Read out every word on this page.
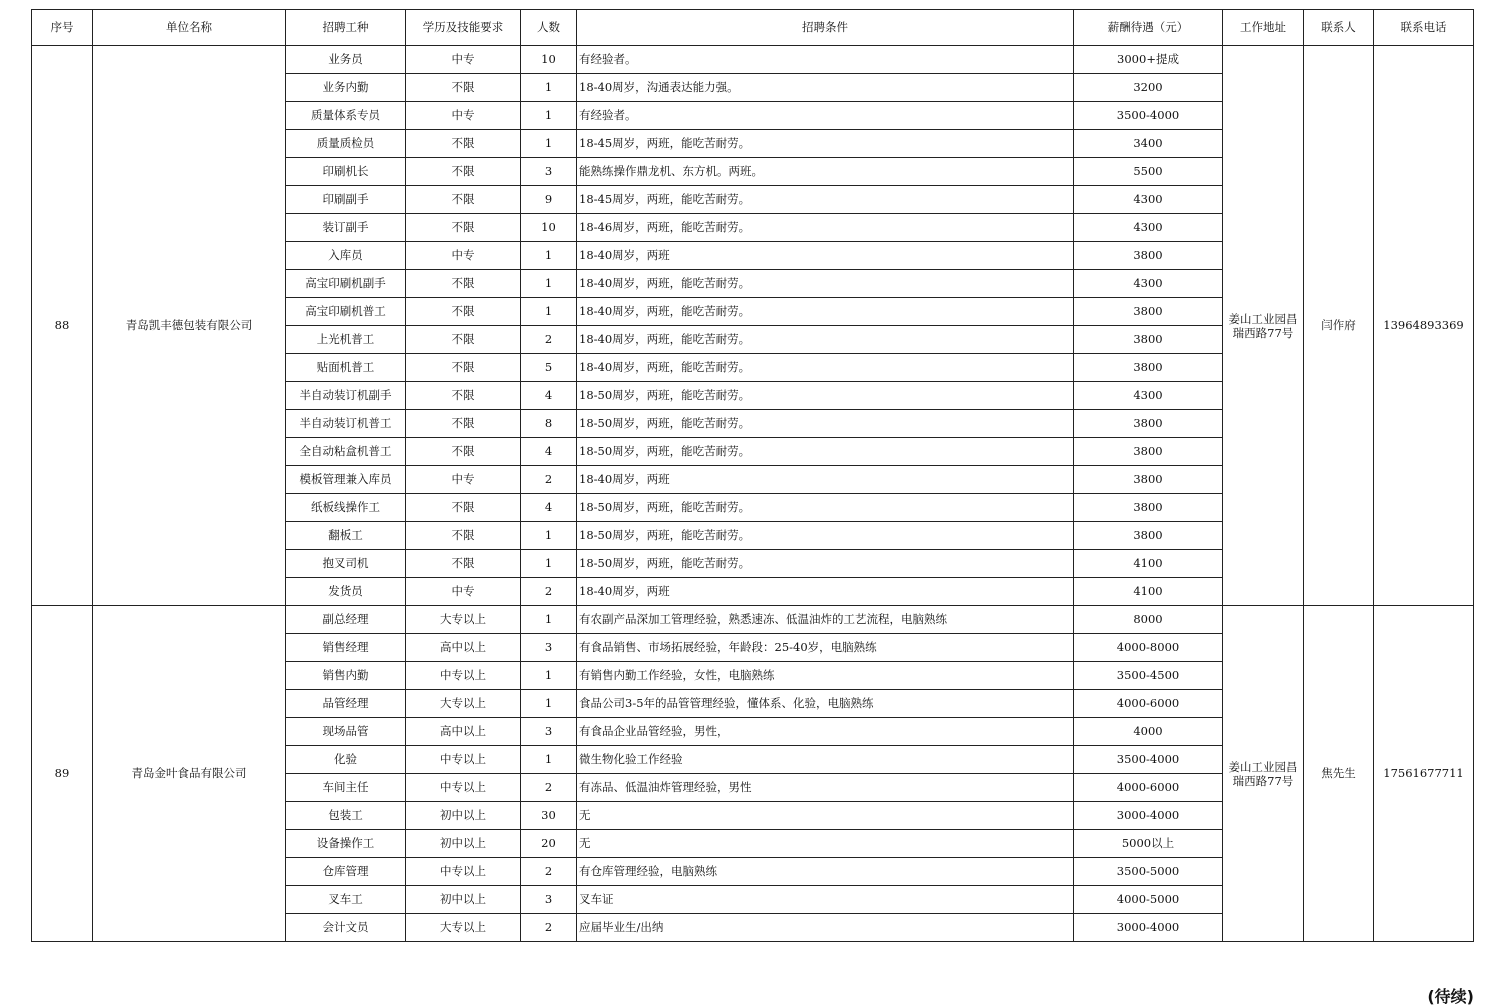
序号	单位名称	招聘工种	学历及技能要求	人数	招聘条件	薪酬待遇（元）	工作地址	联系人	联系电话
88	青岛凯丰德包装有限公司	业务员	中专	10	有经验者。	3000+提成	姜山工业园昌瑞西路77号	闫作府	13964893369
		业务内勤	不限	1	18-40周岁，沟通表达能力强。	3200			
		质量体系专员	中专	1	有经验者。	3500-4000			
		质量质检员	不限	1	18-45周岁，两班，能吃苦耐劳。	3400			
		印刷机长	不限	3	能熟练操作鼎龙机、东方机。两班。	5500			
		印刷副手	不限	9	18-45周岁，两班，能吃苦耐劳。	4300			
		装订副手	不限	10	18-46周岁，两班，能吃苦耐劳。	4300			
		入库员	中专	1	18-40周岁，两班	3800			
		高宝印刷机副手	不限	1	18-40周岁，两班，能吃苦耐劳。	4300			
		高宝印刷机普工	不限	1	18-40周岁，两班，能吃苦耐劳。	3800			
		上光机普工	不限	2	18-40周岁，两班，能吃苦耐劳。	3800			
		贴面机普工	不限	5	18-40周岁，两班，能吃苦耐劳。	3800			
		半自动装订机副手	不限	4	18-50周岁，两班，能吃苦耐劳。	4300			
		半自动装订机普工	不限	8	18-50周岁，两班，能吃苦耐劳。	3800			
		全自动粘盒机普工	不限	4	18-50周岁，两班，能吃苦耐劳。	3800			
		模板管理兼入库员	中专	2	18-40周岁，两班	3800			
		纸板线操作工	不限	4	18-50周岁，两班，能吃苦耐劳。	3800			
		翻板工	不限	1	18-50周岁，两班，能吃苦耐劳。	3800			
		抱叉司机	不限	1	18-50周岁，两班，能吃苦耐劳。	4100			
		发货员	中专	2	18-40周岁，两班	4100			
89	青岛金叶食品有限公司	副总经理	大专以上	1	有农副产品深加工管理经验，熟悉速冻、低温油炸的工艺流程，电脑熟练	8000	姜山工业园昌瑞西路77号	焦先生	17561677711
		销售经理	高中以上	3	有食品销售、市场拓展经验，年龄段：25-40岁，电脑熟练	4000-8000			
		销售内勤	中专以上	1	有销售内勤工作经验，女性，电脑熟练	3500-4500			
		品管经理	大专以上	1	食品公司3-5年的品管管理经验，懂体系、化验，电脑熟练	4000-6000			
		现场品管	高中以上	3	有食品企业品管经验，男性，	4000			
		化验	中专以上	1	微生物化验工作经验	3500-4000			
		车间主任	中专以上	2	有冻品、低温油炸管理经验，男性	4000-6000			
		包装工	初中以上	30	无	3000-4000			
		设备操作工	初中以上	20	无	5000以上			
		仓库管理	中专以上	2	有仓库管理经验，电脑熟练	3500-5000			
		叉车工	初中以上	3	叉车证	4000-5000			
		会计文员	大专以上	2	应届毕业生/出纳	3000-4000			
(待续)
